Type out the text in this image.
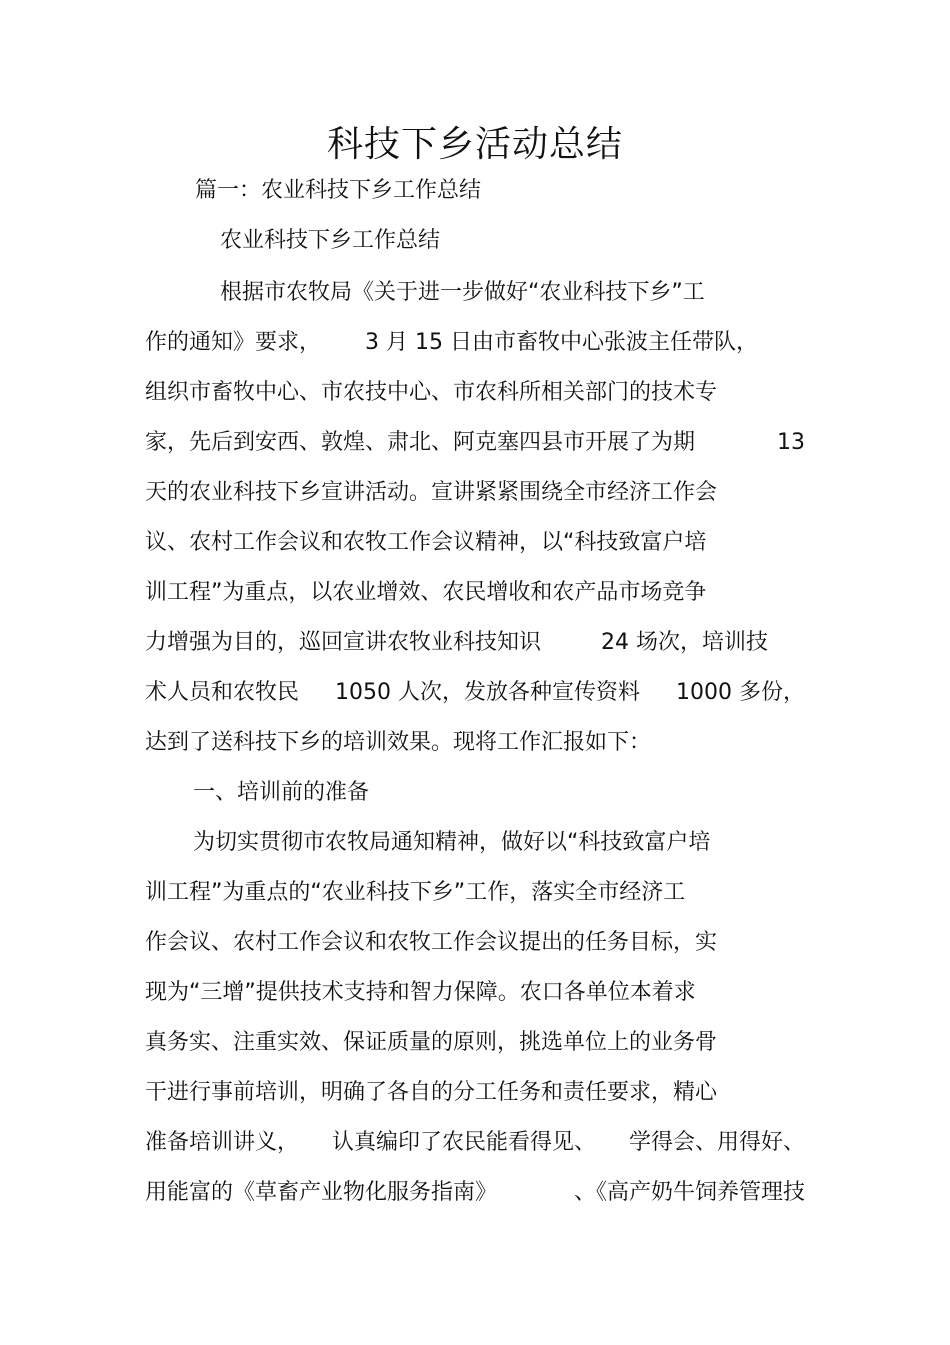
科技下乡活动总结
篇一：农业科技下乡工作总结
农业科技下乡工作总结
根据市农牧局《关于进一步做好“农业科技下乡”工
作的通知》要求， 3 月 15 日由市畜牧中心张波主任带队，
组织市畜牧中心、市农技中心、市农科所相关部门的技术专
家，先后到安西、敦煌、肃北、阿克塞四县市开展了为期	13
天的农业科技下乡宣讲活动。宣讲紧紧围绕全市经济工作会
议、农村工作会议和农牧工作会议精神，以“科技致富户培
训工程”为重点，以农业增效、农民增收和农产品市场竞争
力增强为目的，巡回宣讲农牧业科技知识	24 场次，培训技
术人员和农牧民 1050 人次，发放各种宣传资料 1000 多份，
达到了送科技下乡的培训效果。现将工作汇报如下：
一、培训前的准备
为切实贯彻市农牧局通知精神，做好以“科技致富户培
训工程”为重点的“农业科技下乡”工作，落实全市经济工
作会议、农村工作会议和农牧工作会议提出的任务目标，实
现为“三增”提供技术支持和智力保障。农口各单位本着求
真务实、注重实效、保证质量的原则，挑选单位上的业务骨
干进行事前培训，明确了各自的分工任务和责任要求，精心
准备培训讲义， 认真编印了农民能看得见、 学得会、用得好、
用能富的《草畜产业物化服务指南》	、《高产奶牛饲养管理技
